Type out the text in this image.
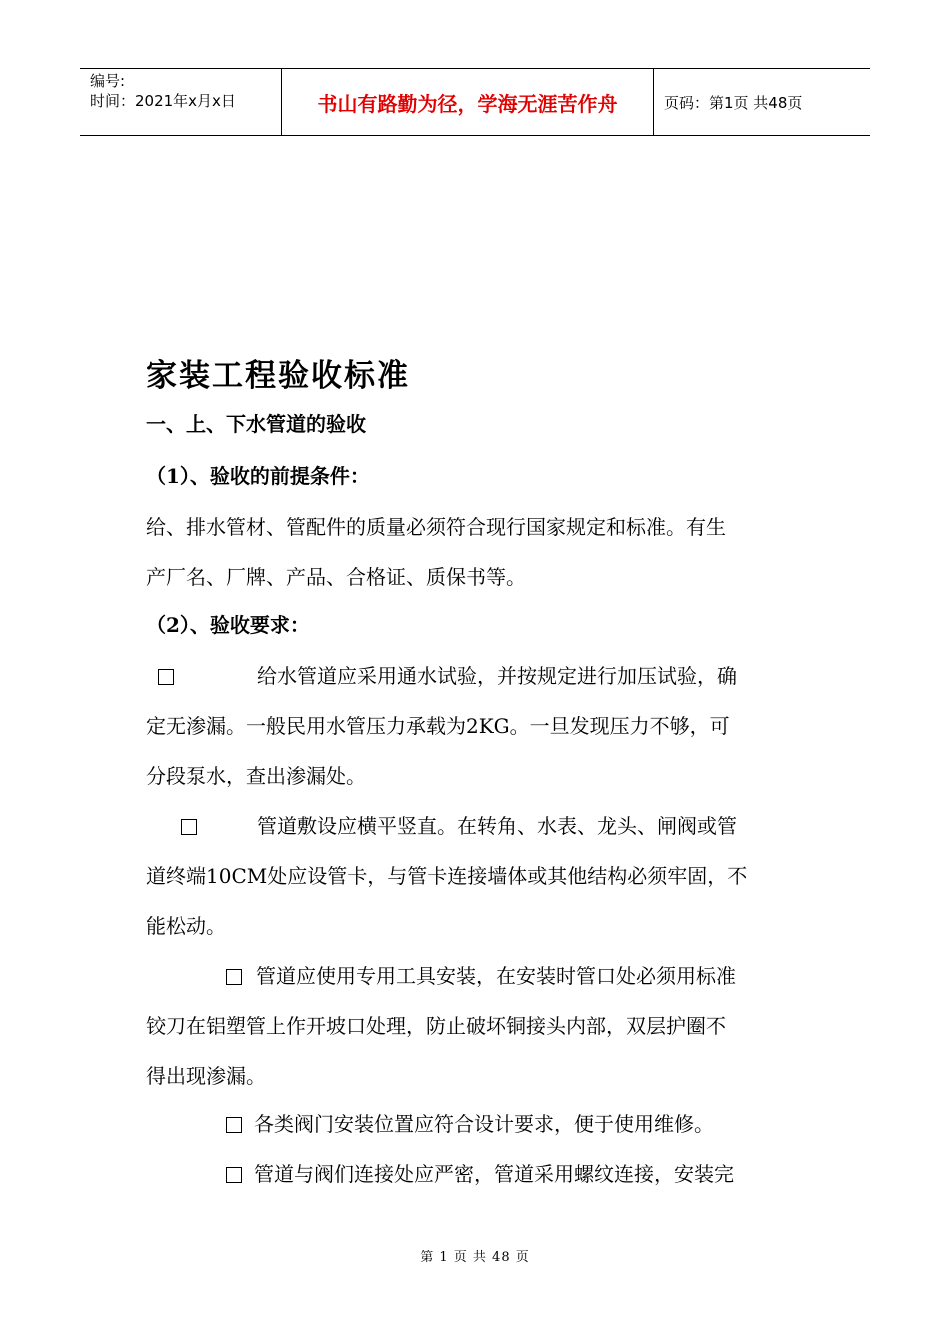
编号:
时间：2021年x月x日	书山有路勤为径，学海无涯苦作舟	页码：第1页 共48页
家装工程验收标准
一、上、下水管道的验收
（1）、验收的前提条件：
给、排水管材、管配件的质量必须符合现行国家规定和标准。有生
产厂名、厂牌、产品、合格证、质保书等。
（2）、验收要求：
给水管道应采用通水试验，并按规定进行加压试验，确
定无渗漏。一般民用水管压力承载为2KG。一旦发现压力不够，可
分段泵水，查出渗漏处。
管道敷设应横平竖直。在转角、水表、龙头、闸阀或管
道终端10CM处应设管卡，与管卡连接墙体或其他结构必须牢固，不
能松动。
管道应使用专用工具安装，在安装时管口处必须用标准
铰刀在铝塑管上作开坡口处理，防止破坏铜接头内部，双层护圈不
得出现渗漏。
各类阀门安装位置应符合设计要求，便于使用维修。
管道与阀们连接处应严密，管道采用螺纹连接，安装完
第 1 页 共 48 页
